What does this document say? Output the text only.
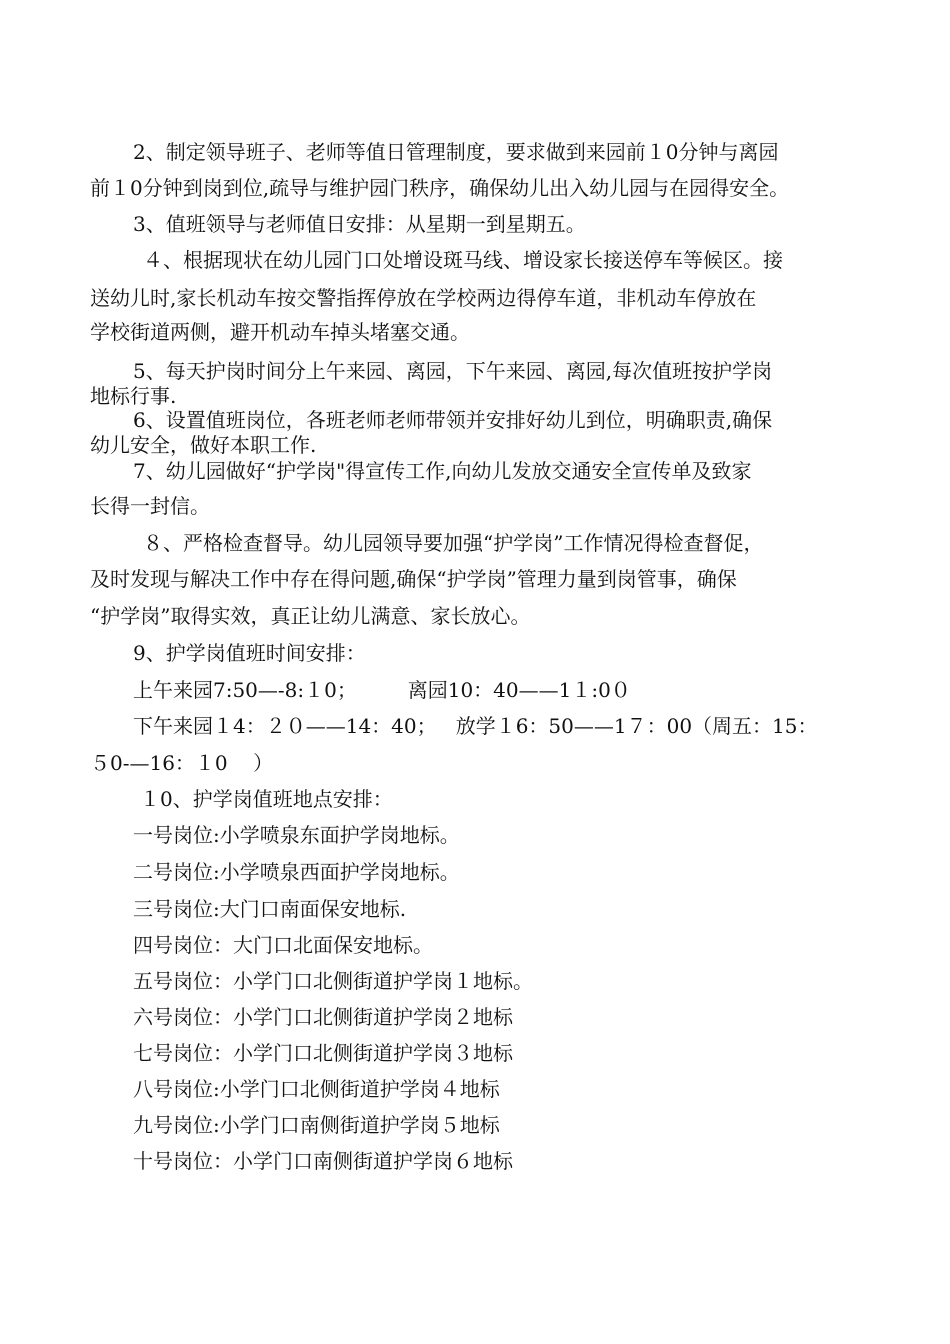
2、制定领导班子、老师等值日管理制度，要求做到来园前１0分钟与离园
前１0分钟到岗到位,疏导与维护园门秩序，确保幼儿出入幼儿园与在园得安全。
3、值班领导与老师值日安排：从星期一到星期五。
４、根据现状在幼儿园门口处增设斑马线、增设家长接送停车等候区。接
送幼儿时,家长机动车按交警指挥停放在学校两边得停车道，非机动车停放在
学校街道两侧，避开机动车掉头堵塞交通。
5、每天护岗时间分上午来园、离园，下午来园、离园,每次值班按护学岗
地标行事.
6、设置值班岗位，各班老师老师带领并安排好幼儿到位，明确职责,确保
幼儿安全，做好本职工作.
7、幼儿园做好“护学岗"得宣传工作,向幼儿发放交通安全宣传单及致家
长得一封信。
８、严格检查督导。幼儿园领导要加强“护学岗”工作情况得检查督促，
及时发现与解决工作中存在得问题,确保“护学岗”管理力量到岗管事，确保
“护学岗”取得实效，真正让幼儿满意、家长放心。
9、护学岗值班时间安排：
上午来园7:50—-8:１0；        离园10：40——1１:0０
下午来园１4：２０——14：40；   放学１6：50——1７：00（周五：15：
５0-—16：１0    ）
１0、护学岗值班地点安排：
一号岗位:小学喷泉东面护学岗地标。
二号岗位:小学喷泉西面护学岗地标。
三号岗位:大门口南面保安地标.
四号岗位：大门口北面保安地标。
五号岗位：小学门口北侧街道护学岗１地标。
六号岗位：小学门口北侧街道护学岗２地标
七号岗位：小学门口北侧街道护学岗３地标
八号岗位:小学门口北侧街道护学岗４地标
九号岗位:小学门口南侧街道护学岗５地标
十号岗位：小学门口南侧街道护学岗６地标
